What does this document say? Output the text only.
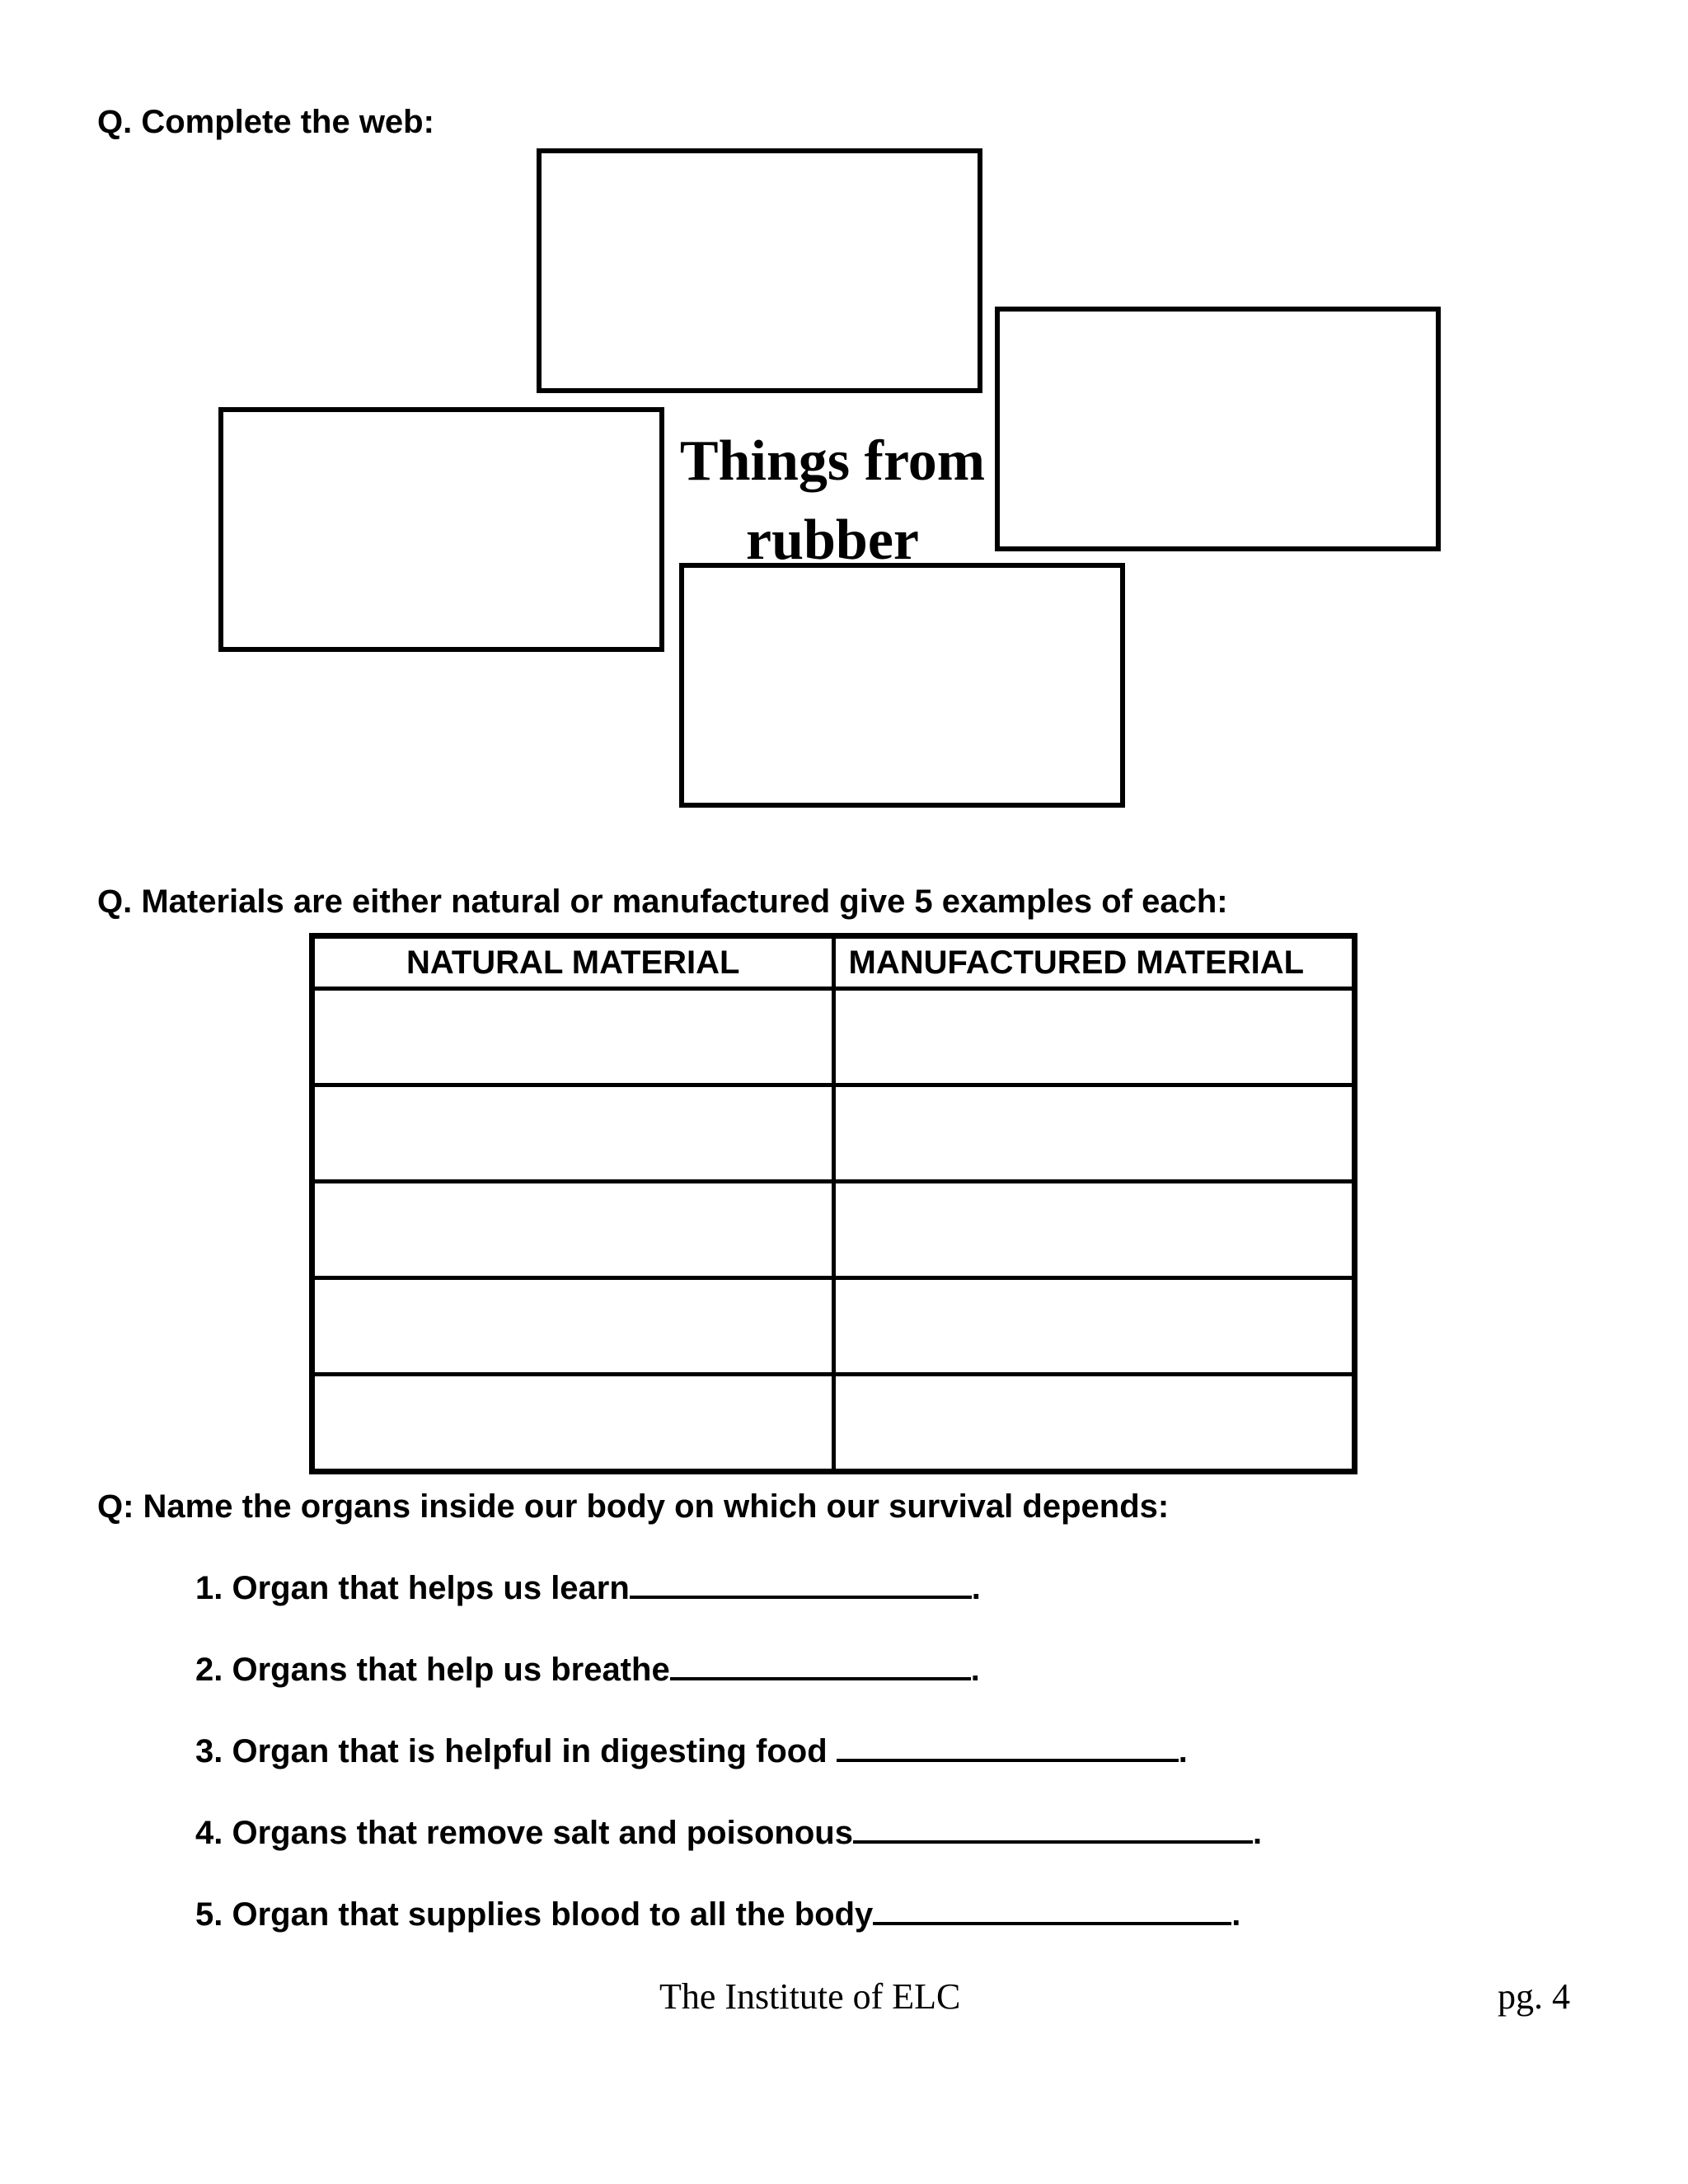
Q. Complete the web:
Things from
rubber
Q. Materials are either natural or manufactured give 5 examples of each:
NATURAL MATERIAL	MANUFACTURED MATERIAL

Q: Name the organs inside our body on which our survival depends:
1. Organ that helps us learn	.
2. Organs that help us breathe	.
3. Organ that is helpful in digesting food	.
4. Organs that remove salt and poisonous	.
5. Organ that supplies blood to all the body	.
The Institute of ELC	pg. 4
